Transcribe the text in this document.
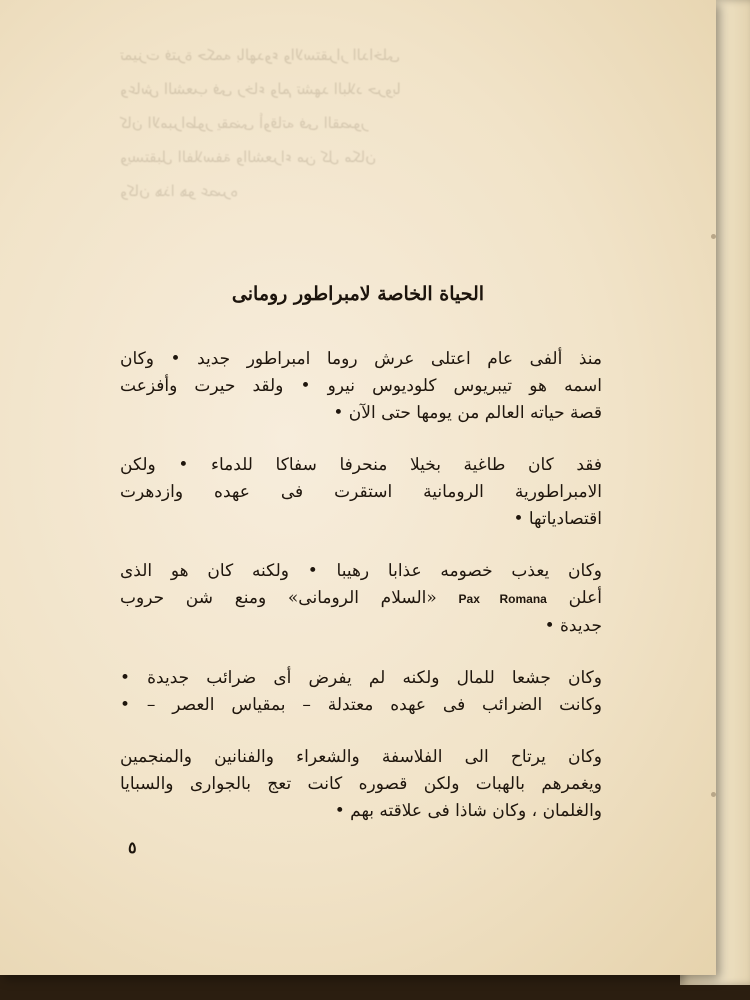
تميزت فترة حكمه بالهدوء والاستقرار الداخلى
وعاش الشعب فى رخاء ولم تشهد البلاد حروبا
كان الامبراطور يقضى أوقاته فى القصور
ويستقبل الفلاسفة والشعراء من كل مكان
وكان هذا هو عصره
الحياة الخاصة لامبراطور رومانى
منذ ألفى عام اعتلى عرش روما امبراطور جديد • وكان
اسمه هو تيبريوس كلوديوس نيرو • ولقد حيرت وأفزعت
قصة حياته العالم من يومها حتى الآن •
فقد كان طاغية بخيلا منحرفا سفاكا للدماء • ولكن
الامبراطورية الرومانية استقرت فى عهده وازدهرت
اقتصادياتها •
وكان يعذب خصومه عذابا رهيبا • ولكنه كان هو الذى
أعلن Pax Romana «السلام الرومانى» ومنع شن حروب
جديدة •
وكان جشعا للمال ولكنه لم يفرض أى ضرائب جديدة •
وكانت الضرائب فى عهده معتدلة – بمقياس العصر – •
وكان يرتاح الى الفلاسفة والشعراء والفنانين والمنجمين
ويغمرهم بالهبات ولكن قصوره كانت تعج بالجوارى والسبايا
والغلمان ، وكان شاذا فى علاقته بهم •
٥
